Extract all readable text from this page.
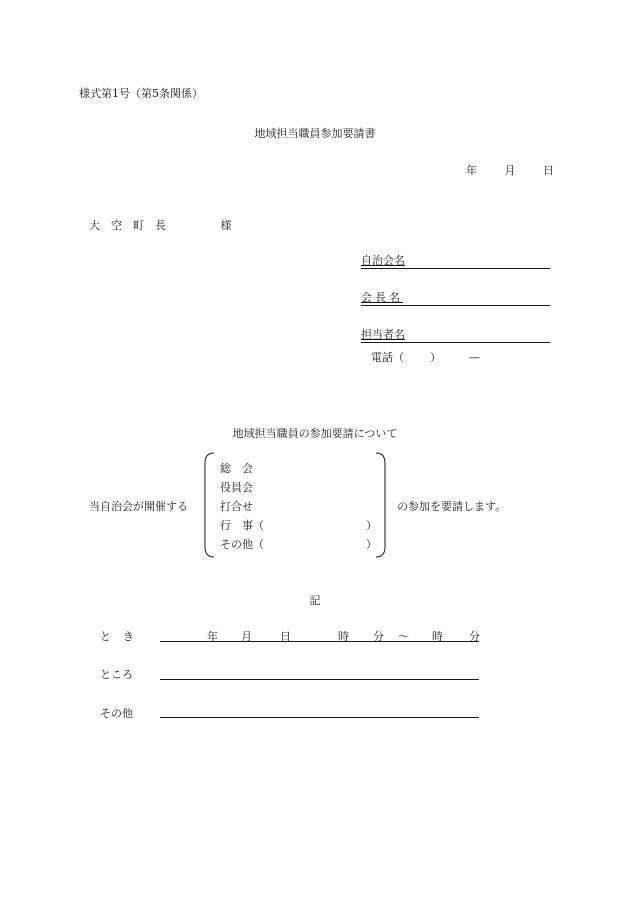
様式第1号（第5条関係）
地域担当職員参加要請書
年	月	日
大空町長	様
自治会名
会長名
担当者名
電話（ ）	—
地域担当職員の参加要請について
当自治会が開催する
総　会
役員会
打合せ
行　事（
その他（
）
）
の参加を要請します。
記
とき	年 月	日	時 分 ～ 時 分
ところ
その他
